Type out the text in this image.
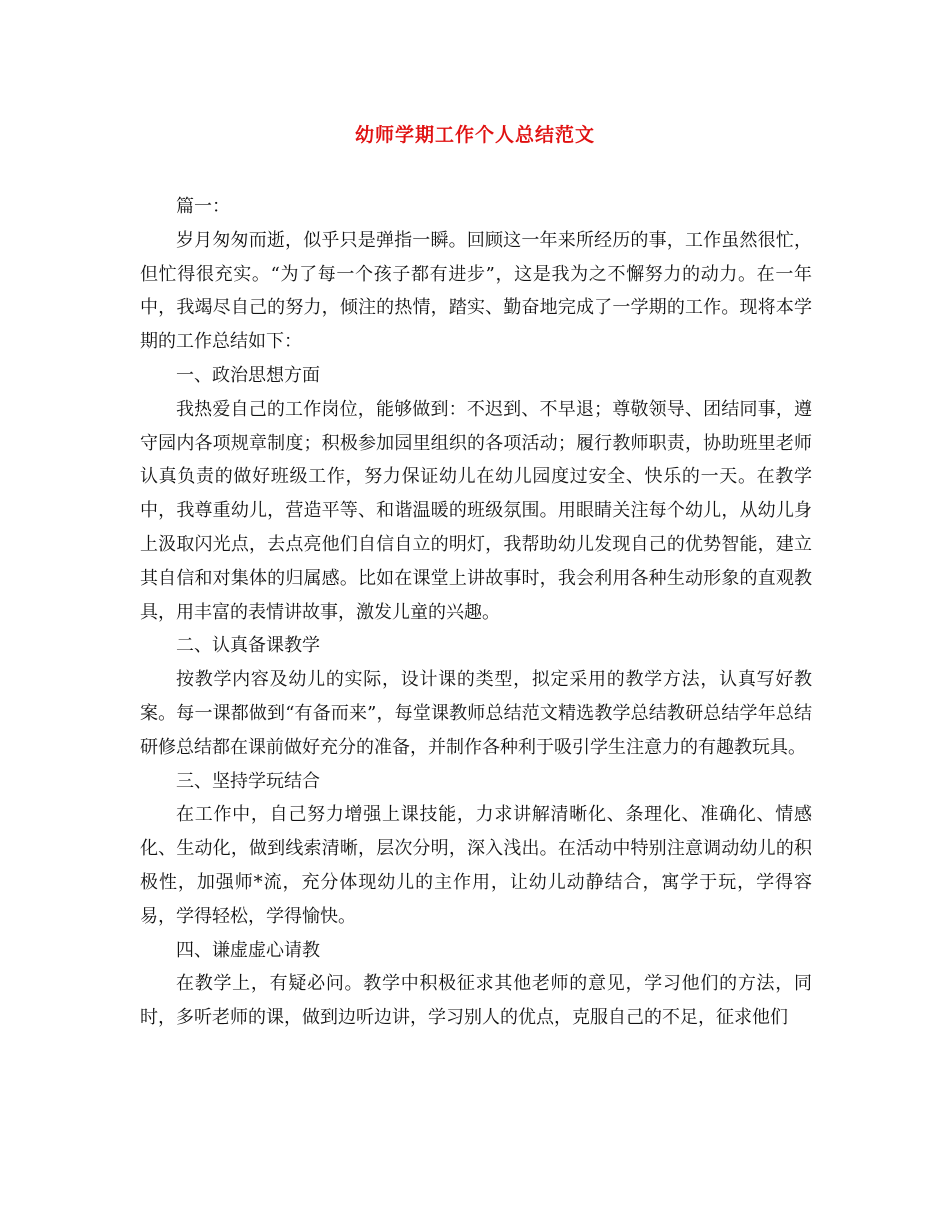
幼师学期工作个人总结范文

篇一：

岁月匆匆而逝，似乎只是弹指一瞬。回顾这一年来所经历的事，工作虽然很忙，但忙得很充实。“为了每一个孩子都有进步”，这是我为之不懈努力的动力。在一年中，我竭尽自己的努力，倾注的热情，踏实、勤奋地完成了一学期的工作。现将本学期的工作总结如下：

一、政治思想方面

我热爱自己的工作岗位，能够做到：不迟到、不早退；尊敬领导、团结同事，遵守园内各项规章制度；积极参加园里组织的各项活动；履行教师职责，协助班里老师认真负责的做好班级工作，努力保证幼儿在幼儿园度过安全、快乐的一天。在教学中，我尊重幼儿，营造平等、和谐温暖的班级氛围。用眼睛关注每个幼儿，从幼儿身上汲取闪光点，去点亮他们自信自立的明灯，我帮助幼儿发现自己的优势智能，建立其自信和对集体的归属感。比如在课堂上讲故事时，我会利用各种生动形象的直观教具，用丰富的表情讲故事，激发儿童的兴趣。

二、认真备课教学

按教学内容及幼儿的实际，设计课的类型，拟定采用的教学方法，认真写好教案。每一课都做到“有备而来”，每堂课教师总结范文精选教学总结教研总结学年总结研修总结都在课前做好充分的准备，并制作各种利于吸引学生注意力的有趣教玩具。

三、坚持学玩结合

在工作中，自己努力增强上课技能，力求讲解清晰化、条理化、准确化、情感化、生动化，做到线索清晰，层次分明，深入浅出。在活动中特别注意调动幼儿的积极性，加强师*流，充分体现幼儿的主作用，让幼儿动静结合，寓学于玩，学得容易，学得轻松，学得愉快。

四、谦虚虚心请教

在教学上，有疑必问。教学中积极征求其他老师的意见，学习他们的方法，同时，多听老师的课，做到边听边讲，学习别人的优点，克服自己的不足，征求他们
